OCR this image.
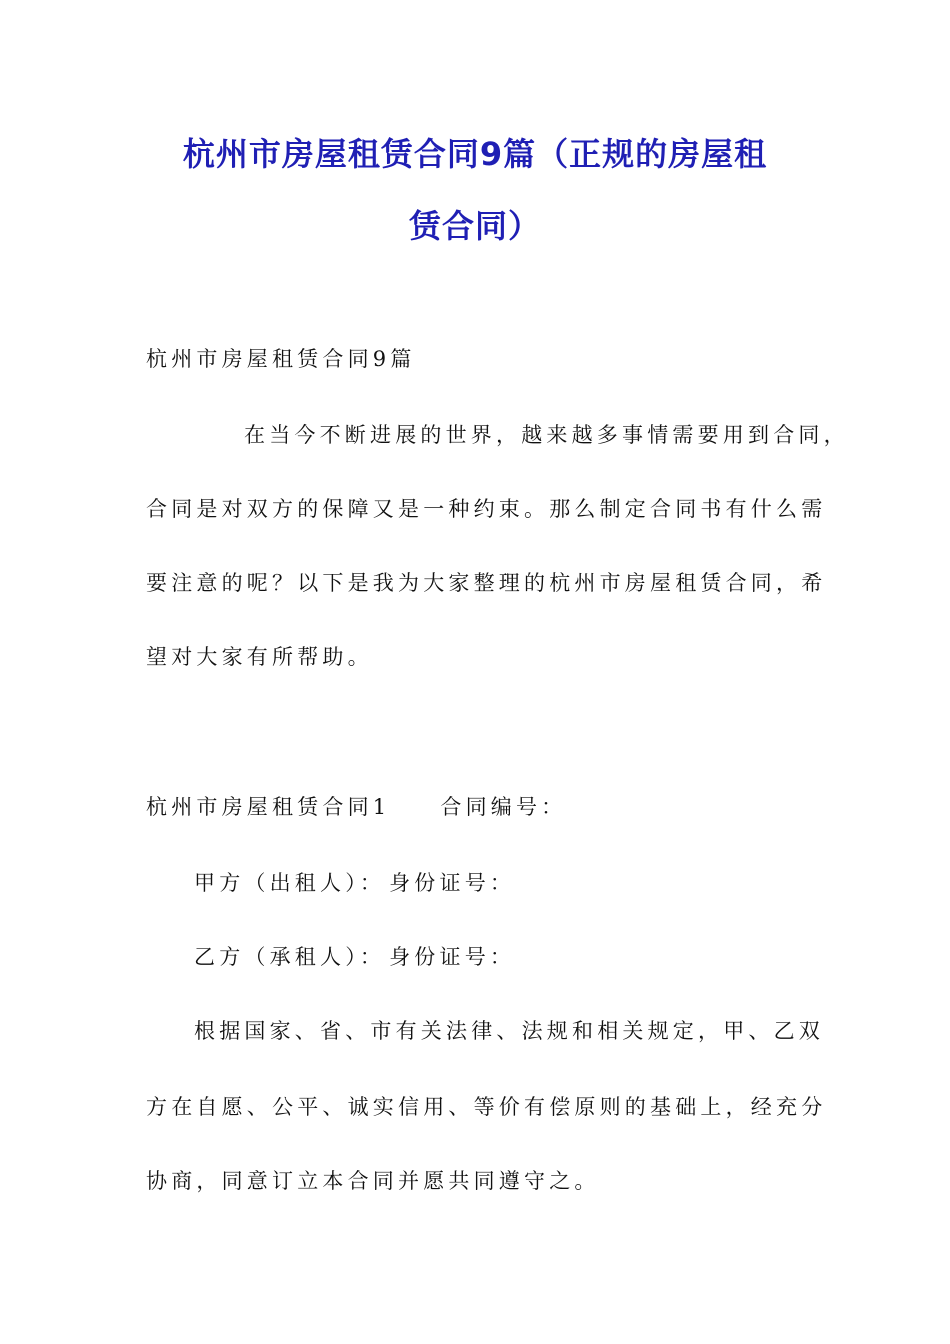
杭州市房屋租赁合同9篇（正规的房屋租
赁合同）
杭州市房屋租赁合同9篇
在当今不断进展的世界，越来越多事情需要用到合同，
合同是对双方的保障又是一种约束。那么制定合同书有什么需
要注意的呢？以下是我为大家整理的杭州市房屋租赁合同，希
望对大家有所帮助。
杭州市房屋租赁合同1 合同编号：
甲方（出租人）： 身份证号：
乙方（承租人）： 身份证号：
根据国家、省、市有关法律、法规和相关规定，甲、乙双
方在自愿、公平、诚实信用、等价有偿原则的基础上，经充分
协商，同意订立本合同并愿共同遵守之。
